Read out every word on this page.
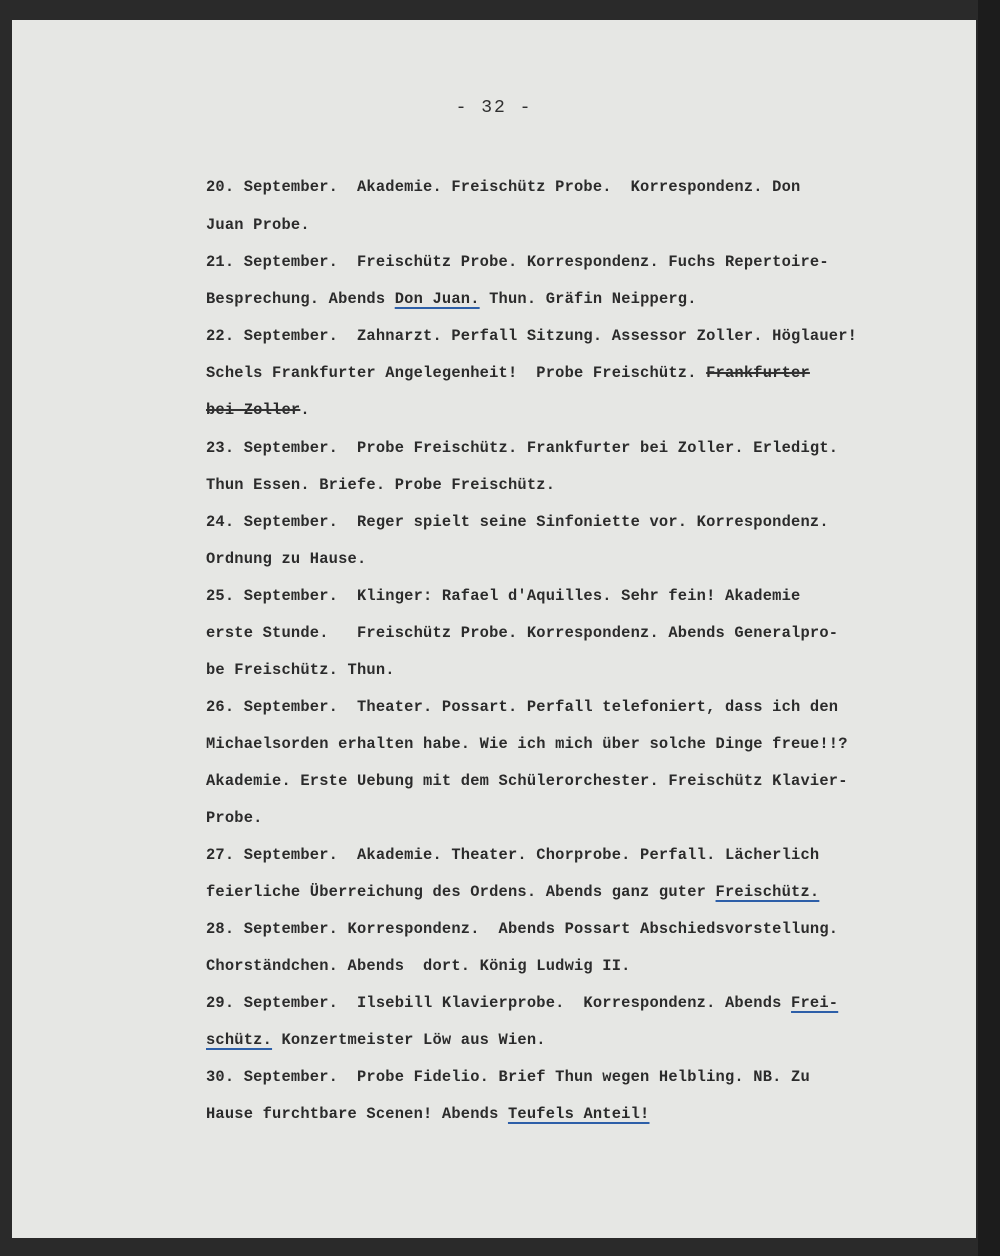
- 32 -
20. September.  Akademie. Freischütz Probe.  Korrespondenz. Don
Juan Probe.
21. September.  Freischütz Probe. Korrespondenz. Fuchs Repertoire-
Besprechung. Abends Don Juan. Thun. Gräfin Neipperg.
22. September.  Zahnarzt. Perfall Sitzung. Assessor Zoller. Höglauer!
Schels Frankfurter Angelegenheit!  Probe Freischütz. Frankfurter
bei Zoller.
23. September.  Probe Freischütz. Frankfurter bei Zoller. Erledigt.
Thun Essen. Briefe. Probe Freischütz.
24. September.  Reger spielt seine Sinfoniette vor. Korrespondenz.
Ordnung zu Hause.
25. September.  Klinger: Rafael d'Aquilles. Sehr fein! Akademie
erste Stunde.   Freischütz Probe. Korrespondenz. Abends Generalpro-
be Freischütz. Thun.
26. September.  Theater. Possart. Perfall telefoniert, dass ich den
Michaelsorden erhalten habe. Wie ich mich über solche Dinge freue!!?
Akademie. Erste Uebung mit dem Schülerorchester. Freischütz Klavier-
Probe.
27. September.  Akademie. Theater. Chorprobe. Perfall. Lächerlich
feierliche Überreichung des Ordens. Abends ganz guter Freischütz.
28. September. Korrespondenz.  Abends Possart Abschiedsvorstellung.
Chorständchen. Abends  dort. König Ludwig II.
29. September.  Ilsebill Klavierprobe.  Korrespondenz. Abends Frei-
schütz. Konzertmeister Löw aus Wien.
30. September.  Probe Fidelio. Brief Thun wegen Helbling. NB. Zu
Hause furchtbare Scenen! Abends Teufels Anteil!
